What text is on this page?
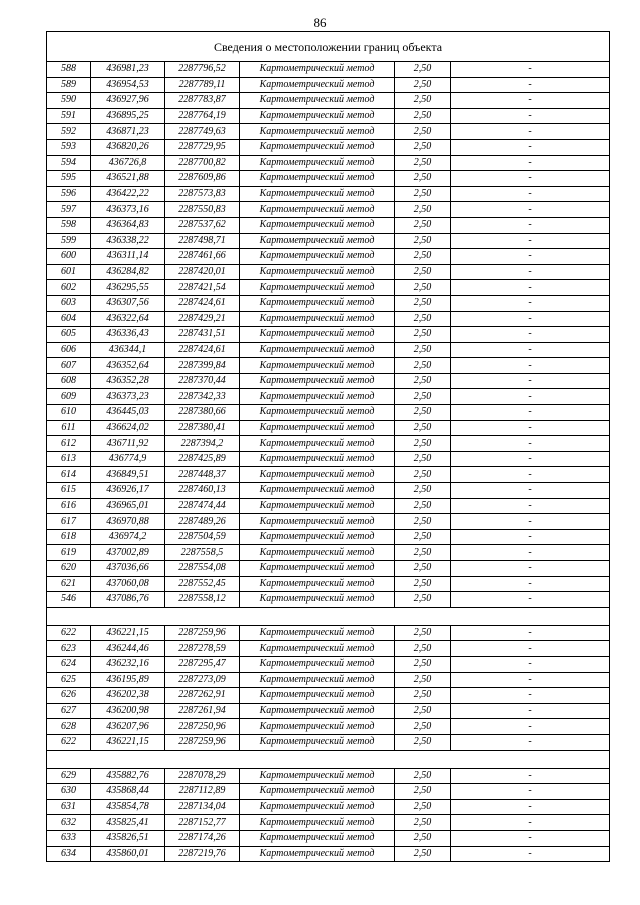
86
Сведения о местоположении границ объекта					
588	436981,23	2287796,52	Картометрический метод	2,50	-
589	436954,53	2287789,11	Картометрический метод	2,50	-
590	436927,96	2287783,87	Картометрический метод	2,50	-
591	436895,25	2287764,19	Картометрический метод	2,50	-
592	436871,23	2287749,63	Картометрический метод	2,50	-
593	436820,26	2287729,95	Картометрический метод	2,50	-
594	436726,8	2287700,82	Картометрический метод	2,50	-
595	436521,88	2287609,86	Картометрический метод	2,50	-
596	436422,22	2287573,83	Картометрический метод	2,50	-
597	436373,16	2287550,83	Картометрический метод	2,50	-
598	436364,83	2287537,62	Картометрический метод	2,50	-
599	436338,22	2287498,71	Картометрический метод	2,50	-
600	436311,14	2287461,66	Картометрический метод	2,50	-
601	436284,82	2287420,01	Картометрический метод	2,50	-
602	436295,55	2287421,54	Картометрический метод	2,50	-
603	436307,56	2287424,61	Картометрический метод	2,50	-
604	436322,64	2287429,21	Картометрический метод	2,50	-
605	436336,43	2287431,51	Картометрический метод	2,50	-
606	436344,1	2287424,61	Картометрический метод	2,50	-
607	436352,64	2287399,84	Картометрический метод	2,50	-
608	436352,28	2287370,44	Картометрический метод	2,50	-
609	436373,23	2287342,33	Картометрический метод	2,50	-
610	436445,03	2287380,66	Картометрический метод	2,50	-
611	436624,02	2287380,41	Картометрический метод	2,50	-
612	436711,92	2287394,2	Картометрический метод	2,50	-
613	436774,9	2287425,89	Картометрический метод	2,50	-
614	436849,51	2287448,37	Картометрический метод	2,50	-
615	436926,17	2287460,13	Картометрический метод	2,50	-
616	436965,01	2287474,44	Картометрический метод	2,50	-
617	436970,88	2287489,26	Картометрический метод	2,50	-
618	436974,2	2287504,59	Картометрический метод	2,50	-
619	437002,89	2287558,5	Картометрический метод	2,50	-
620	437036,66	2287554,08	Картометрический метод	2,50	-
621	437060,08	2287552,45	Картометрический метод	2,50	-
546	437086,76	2287558,12	Картометрический метод	2,50	-

622	436221,15	2287259,96	Картометрический метод	2,50	-
623	436244,46	2287278,59	Картометрический метод	2,50	-
624	436232,16	2287295,47	Картометрический метод	2,50	-
625	436195,89	2287273,09	Картометрический метод	2,50	-
626	436202,38	2287262,91	Картометрический метод	2,50	-
627	436200,98	2287261,94	Картометрический метод	2,50	-
628	436207,96	2287250,96	Картометрический метод	2,50	-
622	436221,15	2287259,96	Картометрический метод	2,50	-

629	435882,76	2287078,29	Картометрический метод	2,50	-
630	435868,44	2287112,89	Картометрический метод	2,50	-
631	435854,78	2287134,04	Картометрический метод	2,50	-
632	435825,41	2287152,77	Картометрический метод	2,50	-
633	435826,51	2287174,26	Картометрический метод	2,50	-
634	435860,01	2287219,76	Картометрический метод	2,50	-
